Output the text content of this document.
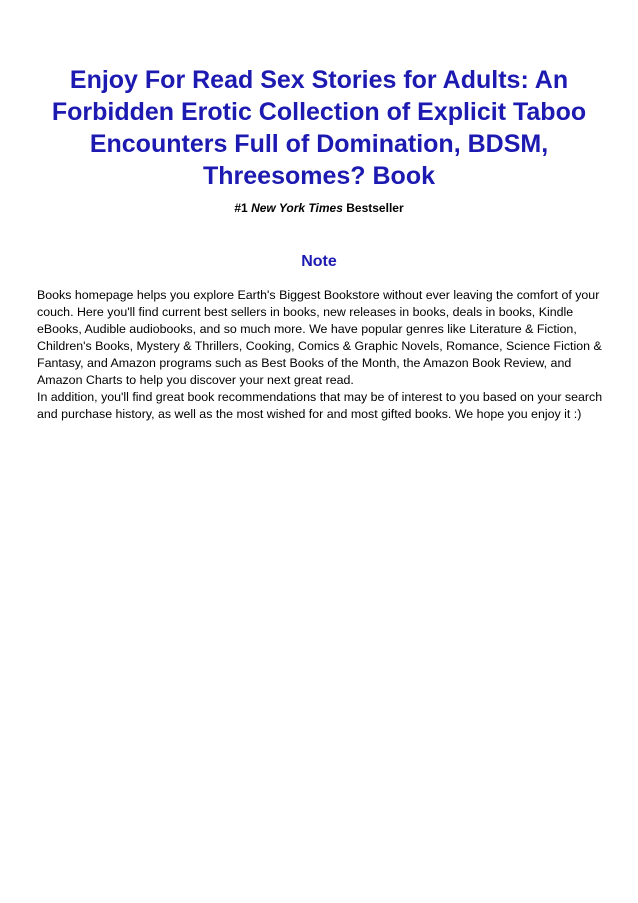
Enjoy For Read Sex Stories for Adults: An Forbidden Erotic Collection of Explicit Taboo Encounters Full of Domination, BDSM, Threesomes? Book
#1 New York Times Bestseller
Note

Books homepage helps you explore Earth's Biggest Bookstore without ever leaving the comfort of your couch. Here you'll find current best sellers in books, new releases in books, deals in books, Kindle eBooks, Audible audiobooks, and so much more. We have popular genres like Literature & Fiction, Children's Books, Mystery & Thrillers, Cooking, Comics & Graphic Novels, Romance, Science Fiction & Fantasy, and Amazon programs such as Best Books of the Month, the Amazon Book Review, and Amazon Charts to help you discover your next great read.

In addition, you'll find great book recommendations that may be of interest to you based on your search and purchase history, as well as the most wished for and most gifted books. We hope you enjoy it :)
